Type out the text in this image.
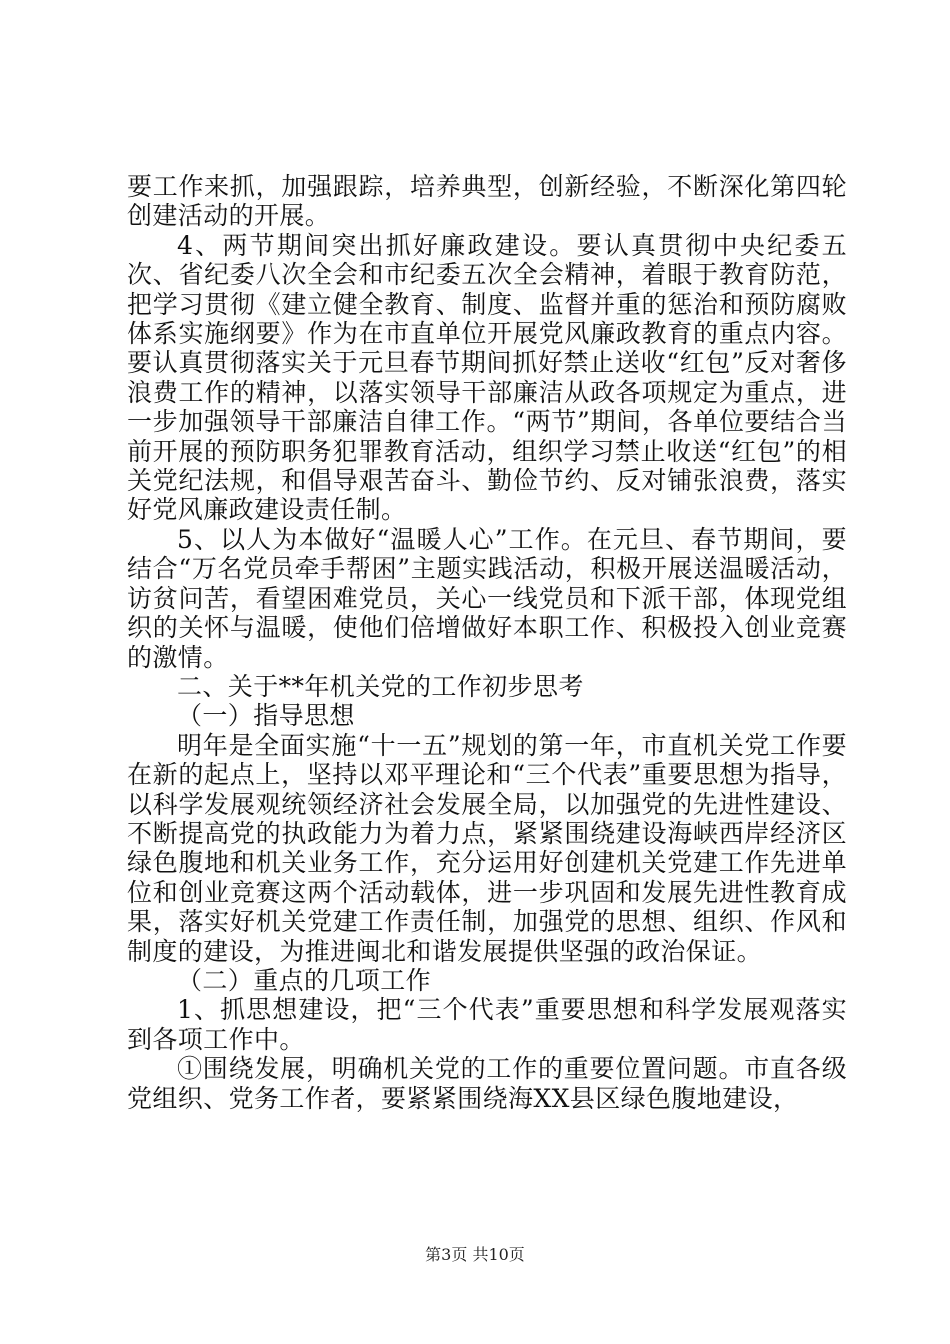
要工作来抓，加强跟踪，培养典型，创新经验，不断深化第四轮创建活动的开展。

4、两节期间突出抓好廉政建设。要认真贯彻中央纪委五次、省纪委八次全会和市纪委五次全会精神，着眼于教育防范，把学习贯彻《建立健全教育、制度、监督并重的惩治和预防腐败体系实施纲要》作为在市直单位开展党风廉政教育的重点内容。要认真贯彻落实关于元旦春节期间抓好禁止送收“红包”反对奢侈浪费工作的精神，以落实领导干部廉洁从政各项规定为重点，进一步加强领导干部廉洁自律工作。“两节”期间，各单位要结合当前开展的预防职务犯罪教育活动，组织学习禁止收送“红包”的相关党纪法规，和倡导艰苦奋斗、勤俭节约、反对铺张浪费，落实好党风廉政建设责任制。

5、以人为本做好“温暖人心”工作。在元旦、春节期间，要结合“万名党员牵手帮困”主题实践活动，积极开展送温暖活动，访贫问苦，看望困难党员，关心一线党员和下派干部，体现党组织的关怀与温暖，使他们倍增做好本职工作、积极投入创业竞赛的激情。

二、关于**年机关党的工作初步思考

（一）指导思想

明年是全面实施“十一五”规划的第一年，市直机关党工作要在新的起点上，坚持以邓平理论和“三个代表”重要思想为指导，以科学发展观统领经济社会发展全局，以加强党的先进性建设、不断提高党的执政能力为着力点，紧紧围绕建设海峡西岸经济区绿色腹地和机关业务工作，充分运用好创建机关党建工作先进单位和创业竞赛这两个活动载体，进一步巩固和发展先进性教育成果，落实好机关党建工作责任制，加强党的思想、组织、作风和制度的建设，为推进闽北和谐发展提供坚强的政治保证。

（二）重点的几项工作

1、抓思想建设，把“三个代表”重要思想和科学发展观落实到各项工作中。

①围绕发展，明确机关党的工作的重要位置问题。市直各级党组织、党务工作者，要紧紧围绕海XX县区绿色腹地建设，

第3页 共10页
